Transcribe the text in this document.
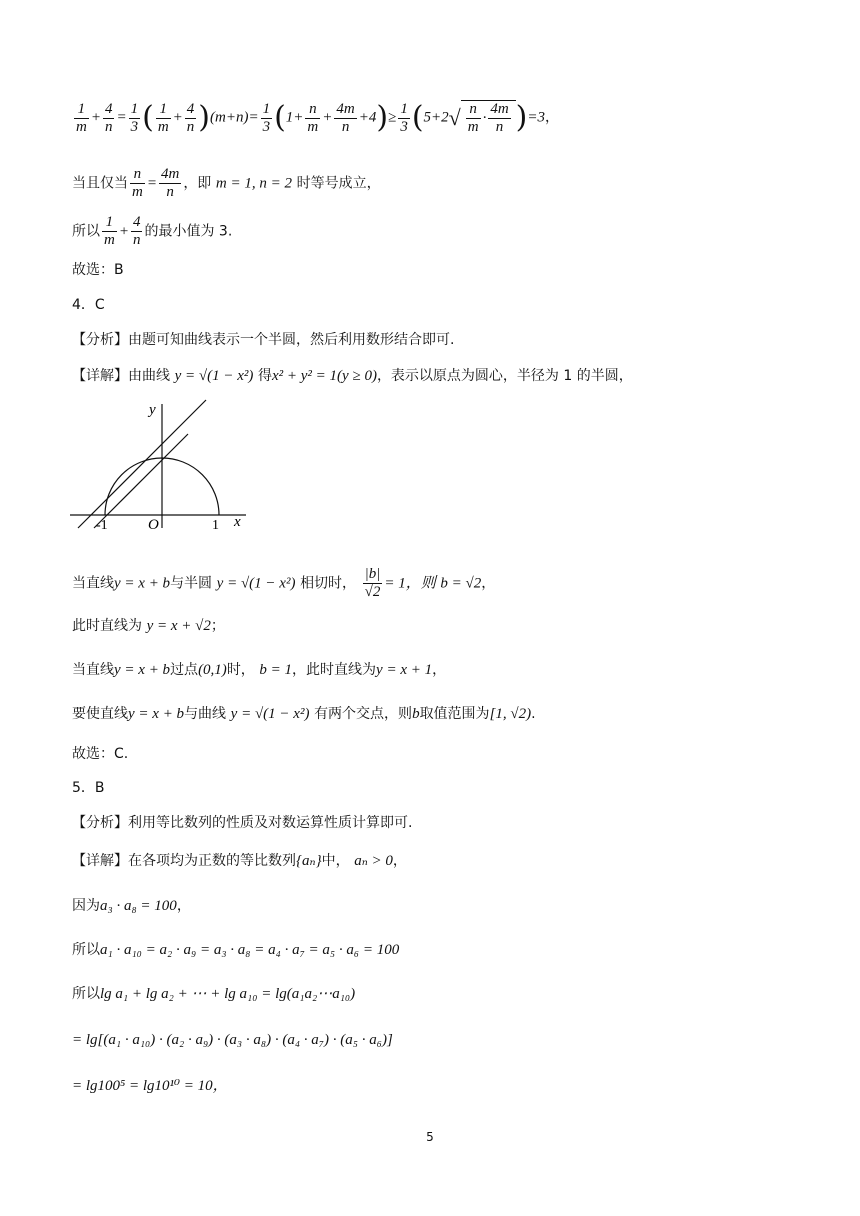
$\frac{1}{m} + \frac{4}{n} = \frac{1}{3}$ ( $\frac{1}{m} + \frac{4}{n} )(m+n)= \frac{1}{3} (1+ \frac{n}{m} + \frac{4m}{n} +4)\ge \frac{1}{3} (5+2√ \frac{n}{m} \cdot \frac{4m}{n} )=3$，
当且仅当 $\frac{n}{m} = \frac{4m}{n}$ ，即 m = 1, n = 2 时等号成立，
所以 $\frac{1}{m} + \frac{4}{n}$ 的最小值为 3.
故选：B
4．C
【分析】由题可知曲线表示一个半圆，然后利用数形结合即可.
【详解】由曲线 y = √(1 − x²) 得x² + y² = 1(y ≥ 0)，表示以原点为圆心，半径为 1 的半圆，
y
x
O
-1	1
当直线y = x + b与半圆 y = √(1 − x²) 相切时， $\frac{|b|}{√2} = 1$，则 b = √2，
此时直线为 y = x + √2；
当直线y = x + b过点(0,1)时， b = 1，此时直线为y = x + 1，
要使直线y = x + b与曲线 y = √(1 − x²) 有两个交点，则b取值范围为[1, √2).
故选：C.
5．B
【分析】利用等比数列的性质及对数运算性质计算即可.
【详解】在各项均为正数的等比数列{aₙ}中， aₙ > 0，
因为a₃ · a₈ = 100，
所以a₁ · a₁₀ = a₂ · a₉ = a₃ · a₈ = a₄ · a₇ = a₅ · a₆ = 100
所以lg a₁ + lg a₂ + ⋯ + lg a₁₀ = lg(a₁a₂⋯a₁₀)
= lg[(a₁ · a₁₀) · (a₂ · a₉) · (a₃ · a₈) · (a₄ · a₇) · (a₅ · a₆)]
= lg100⁵ = lg10¹⁰ = 10，
5
